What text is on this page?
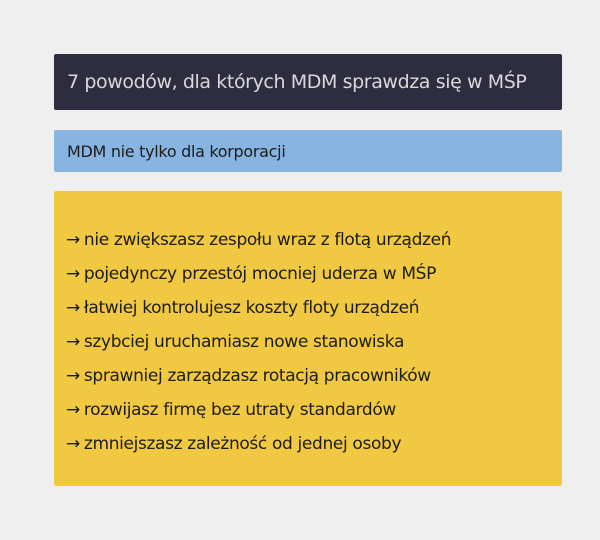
7 powodów, dla których MDM sprawdza się w MŚP
MDM nie tylko dla korporacji
→ nie zwiększasz zespołu wraz z flotą urządzeń
→ pojedynczy przestój mocniej uderza w MŚP
→ łatwiej kontrolujesz koszty floty urządzeń
→ szybciej uruchamiasz nowe stanowiska
→ sprawniej zarządzasz rotacją pracowników
→ rozwijasz firmę bez utraty standardów
→ zmniejszasz zależność od jednej osoby
